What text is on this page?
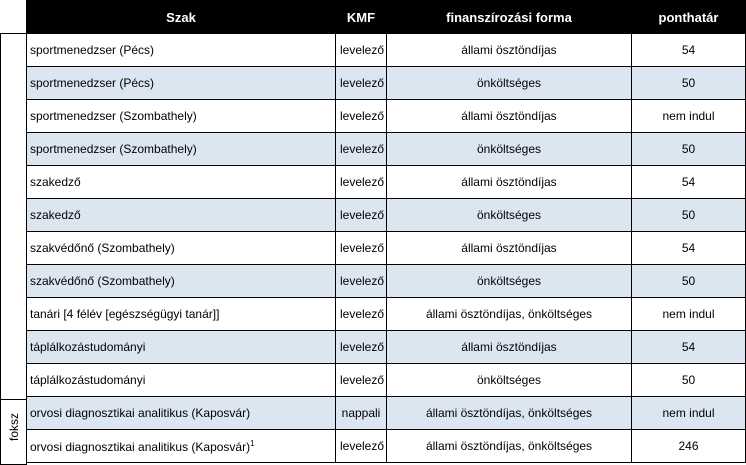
foksz
Szak	KMF	finanszírozási forma	ponthatár
sportmenedzser (Pécs)	levelező	állami ösztöndíjas	54
sportmenedzser (Pécs)	levelező	önköltséges	50
sportmenedzser (Szombathely)	levelező	állami ösztöndíjas	nem indul
sportmenedzser (Szombathely)	levelező	önköltséges	50
szakedző	levelező	állami ösztöndíjas	54
szakedző	levelező	önköltséges	50
szakvédőnő (Szombathely)	levelező	állami ösztöndíjas	54
szakvédőnő (Szombathely)	levelező	önköltséges	50
tanári [4 félév [egészségügyi tanár]]	levelező	állami ösztöndíjas, önköltséges	nem indul
táplálkozástudományi	levelező	állami ösztöndíjas	54
táplálkozástudományi	levelező	önköltséges	50
orvosi diagnosztikai analitikus (Kaposvár)	nappali	állami ösztöndíjas, önköltséges	nem indul
orvosi diagnosztikai analitikus (Kaposvár)$^1$	levelező	állami ösztöndíjas, önköltséges	246
